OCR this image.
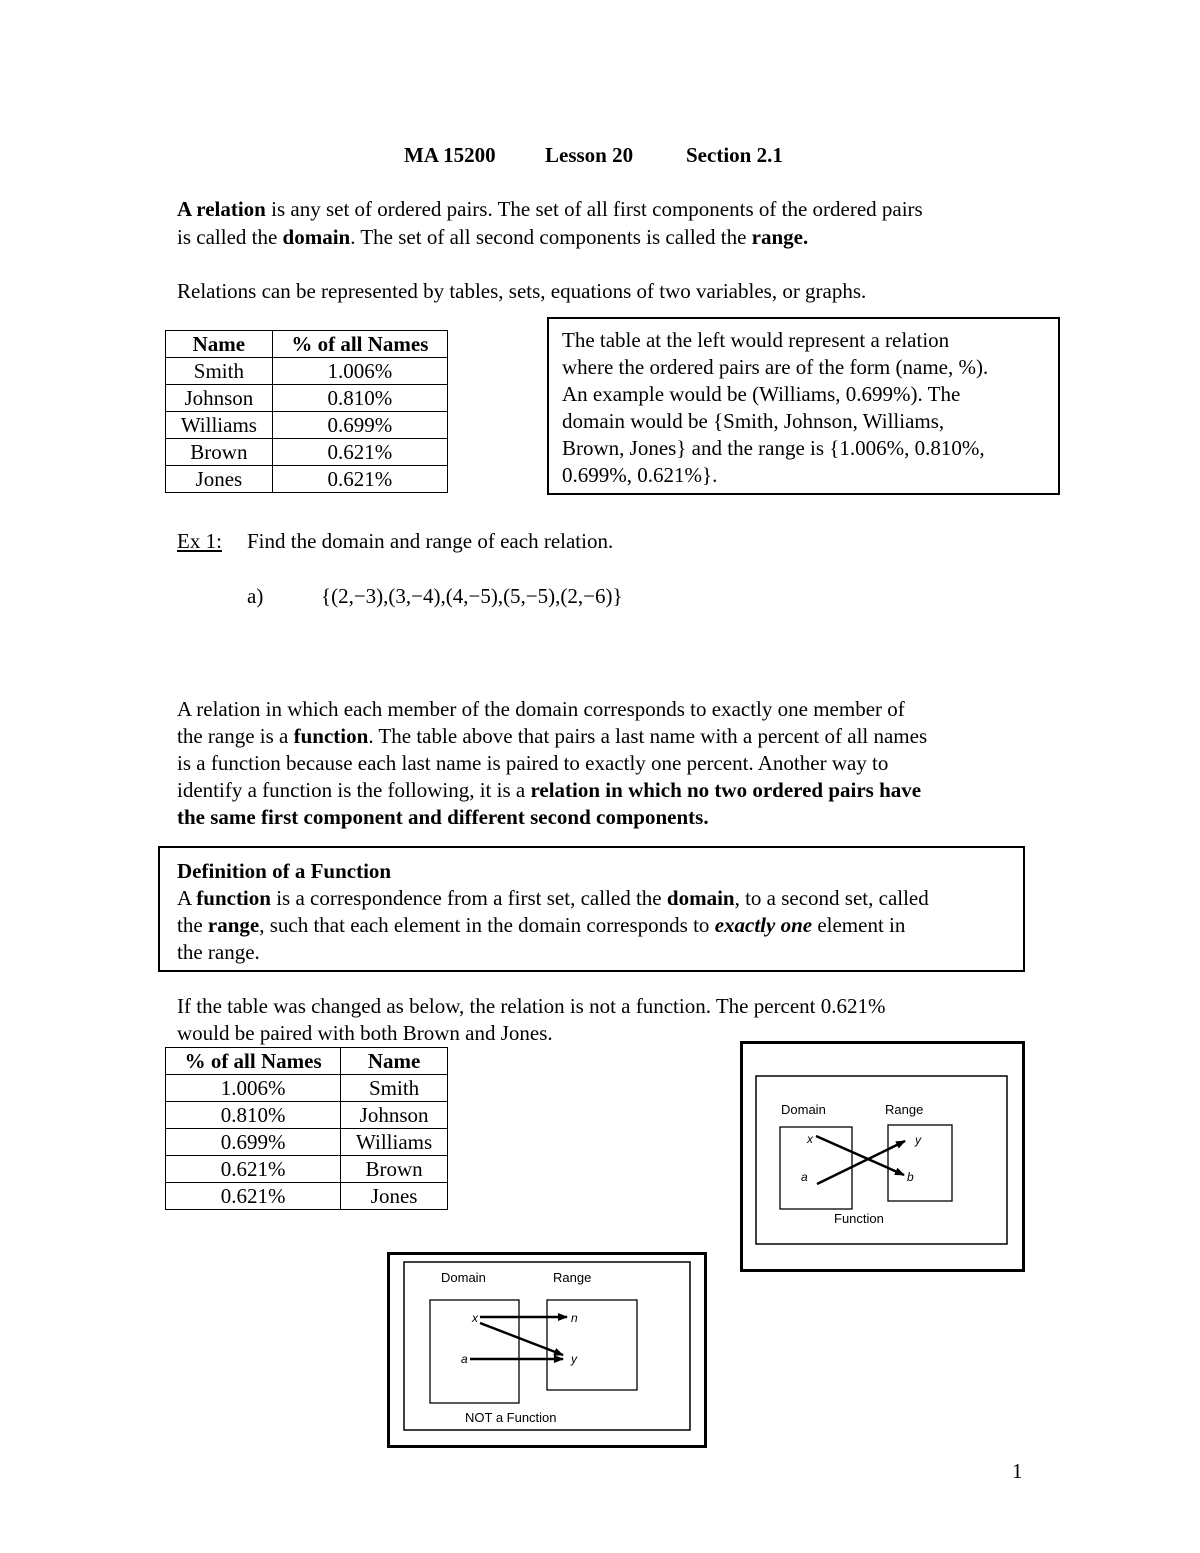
MA 15200 Lesson 20	Section 2.1
A relation is any set of ordered pairs. The set of all first components of the ordered pairs
is called the domain. The set of all second components is called the range.
Relations can be represented by tables, sets, equations of two variables, or graphs.
Name	% of all Names
Smith	1.006%
Johnson	0.810%
Williams	0.699%
Brown	0.621%
Jones	0.621%
The table at the left would represent a relation
where the ordered pairs are of the form (name, %).
An example would be (Williams, 0.699%). The
domain would be {Smith, Johnson, Williams,
Brown, Jones} and the range is {1.006%, 0.810%,
0.699%, 0.621%}.
Ex 1: Find the domain and range of each relation.
a)	{(2,−3),(3,−4),(4,−5),(5,−5),(2,−6)}
A relation in which each member of the domain corresponds to exactly one member of
the range is a function. The table above that pairs a last name with a percent of all names
is a function because each last name is paired to exactly one percent. Another way to
identify a function is the following, it is a relation in which no two ordered pairs have
the same first component and different second components.
Definition of a Function
A function is a correspondence from a first set, called the domain, to a second set, called
the range, such that each element in the domain corresponds to exactly one element in
the range.
If the table was changed as below, the relation is not a function. The percent 0.621%
would be paired with both Brown and Jones.
% of all Names	Name
1.006%	Smith
0.810%	Johnson
0.699%	Williams
0.621%	Brown
0.621%	Jones
Domain	Range
x
a
y
b
Function
Domain	Range
x
a
n
y
NOT a Function
1
